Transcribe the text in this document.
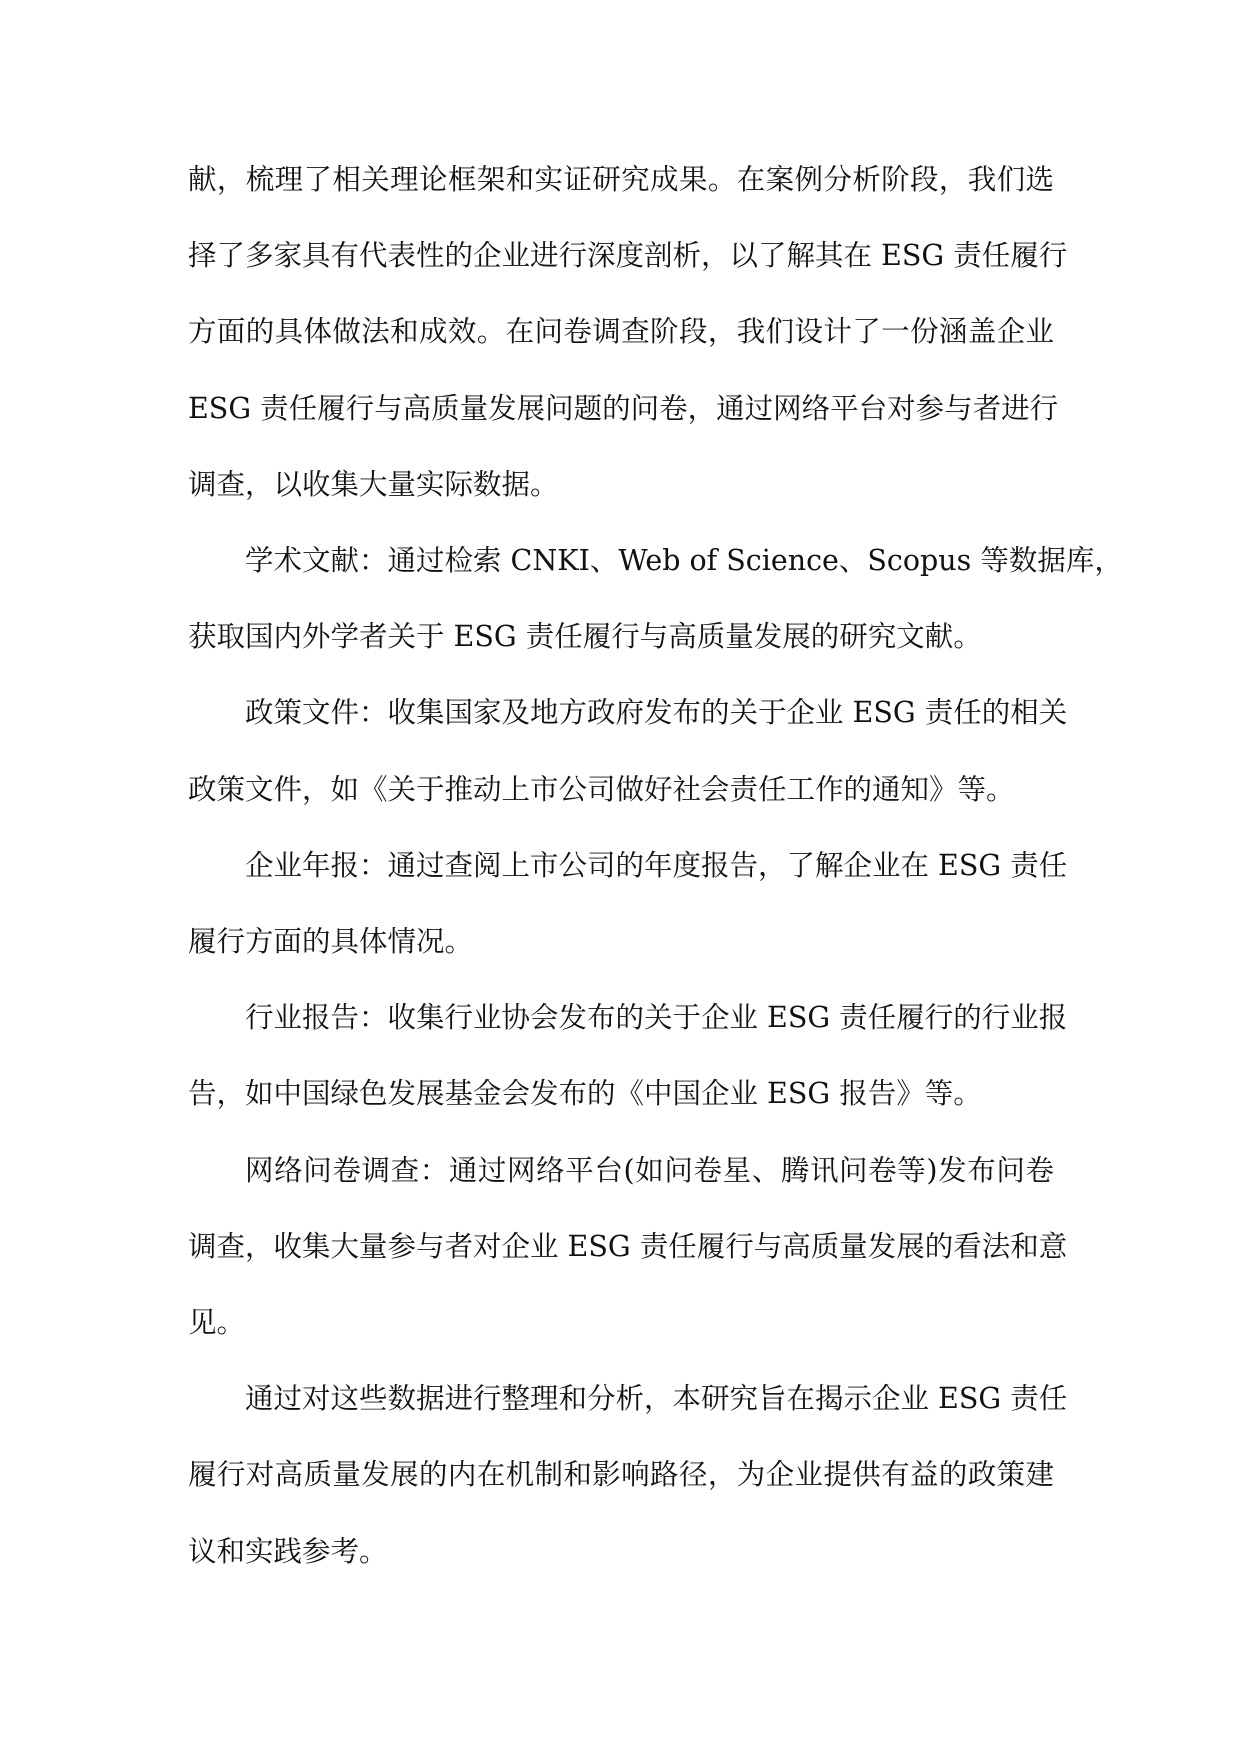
献，梳理了相关理论框架和实证研究成果。在案例分析阶段，我们选
择了多家具有代表性的企业进行深度剖析，以了解其在 ESG 责任履行
方面的具体做法和成效。在问卷调查阶段，我们设计了一份涵盖企业
ESG 责任履行与高质量发展问题的问卷，通过网络平台对参与者进行
调查，以收集大量实际数据。

学术文献：通过检索 CNKI、Web of Science、Scopus 等数据库，
获取国内外学者关于 ESG 责任履行与高质量发展的研究文献。

政策文件：收集国家及地方政府发布的关于企业 ESG 责任的相关
政策文件，如《关于推动上市公司做好社会责任工作的通知》等。

企业年报：通过查阅上市公司的年度报告，了解企业在 ESG 责任
履行方面的具体情况。

行业报告：收集行业协会发布的关于企业 ESG 责任履行的行业报
告，如中国绿色发展基金会发布的《中国企业 ESG 报告》等。

网络问卷调查：通过网络平台(如问卷星、腾讯问卷等)发布问卷
调查，收集大量参与者对企业 ESG 责任履行与高质量发展的看法和意
见。

通过对这些数据进行整理和分析，本研究旨在揭示企业 ESG 责任
履行对高质量发展的内在机制和影响路径，为企业提供有益的政策建
议和实践参考。
